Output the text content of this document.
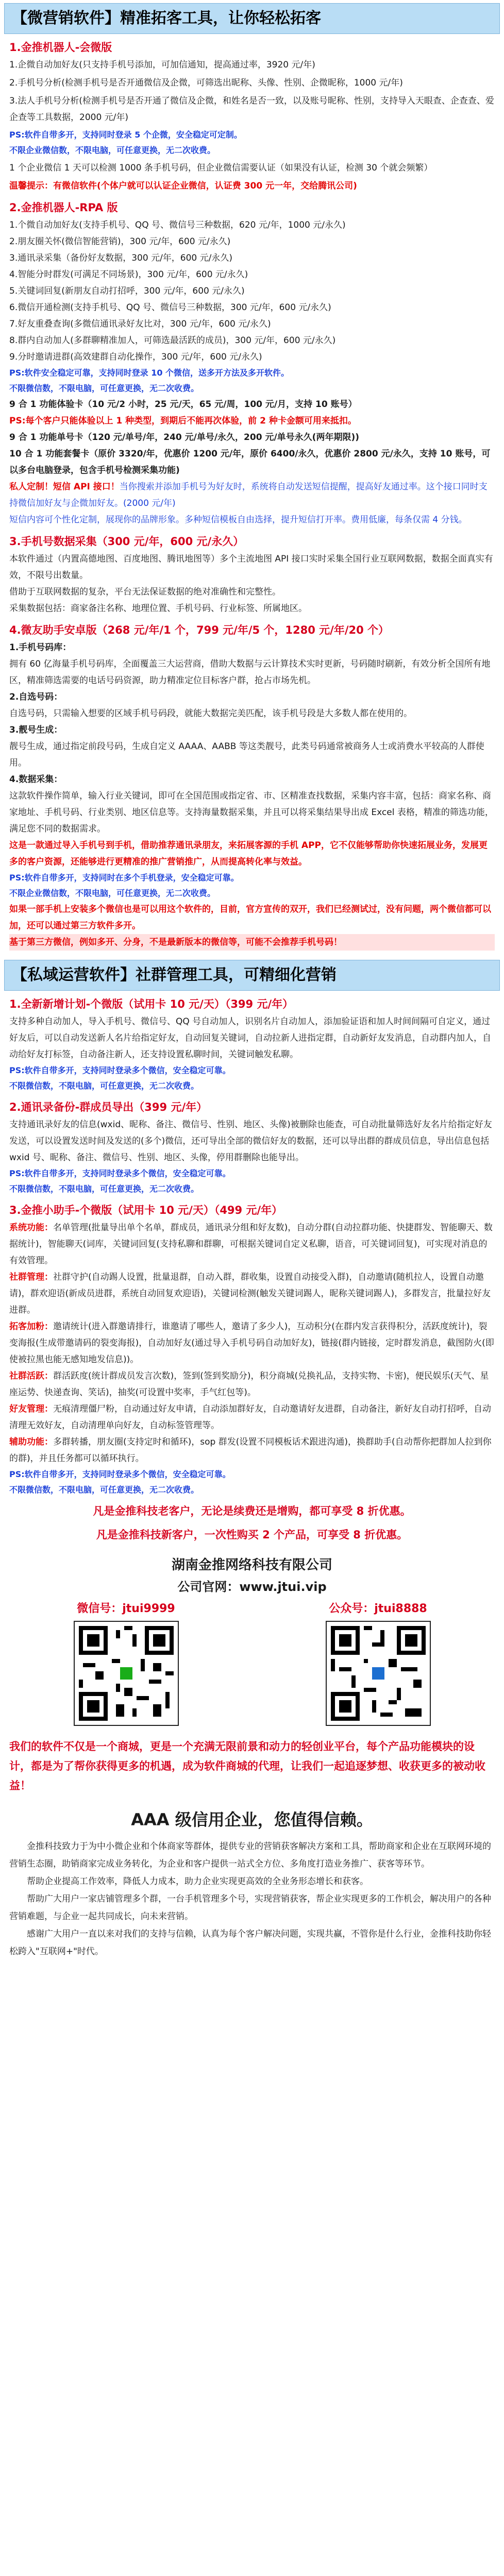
【微营销软件】精准拓客工具，让你轻松拓客

1.金推机器人-会微版

1.企微自动加好友(只支持手机号添加，可加信通知，提高通过率，3920 元/年)

2.手机号分析(检测手机号是否开通微信及企微，可筛选出昵称、头像、性别、企微昵称，1000 元/年)

3.法人手机号分析(检测手机号是否开通了微信及企微，和姓名是否一致，以及账号昵称、性别，支持导入天眼查、企查查、爱企查等工具数据，2000 元/年)

PS:软件自带多开，支持同时登录 5 个企微，安全稳定可定制。

不限企业微信数，不限电脑，可任意更换，无二次收费。

1 个企业微信 1 天可以检测 1000 条手机号码，但企业微信需要认证（如果没有认证，检测 30 个就会频繁）

温馨提示：有微信软件(个体户就可以认证企业微信，认证费 300 元一年，交给腾讯公司)

2.金推机器人-RPA 版

1.个微自动加好友(支持手机号、QQ 号、微信号三种数据，620 元/年，1000 元/永久)

2.朋友圈关怀(微信智能营销)，300 元/年，600 元/永久)

3.通讯录采集（备份好友数据，300 元/年，600 元/永久)

4.智能分时群发(可满足不同场景)，300 元/年，600 元/永久)

5.关键词回复(新朋友自动打招呼，300 元/年，600 元/永久)

6.微信开通检测(支持手机号、QQ 号、微信号三种数据，300 元/年，600 元/永久)

7.好友重叠查询(多微信通讯录好友比对，300 元/年，600 元/永久)

8.群内自动加人(多群聊精准加人，可筛选最活跃的成员)，300 元/年，600 元/永久)

9.分时邀请进群(高效建群自动化操作，300 元/年，600 元/永久)

PS:软件安全稳定可靠，支持同时登录 10 个微信，送多开方法及多开软件。

不限微信数，不限电脑，可任意更换，无二次收费。

9 合 1 功能体验卡（10 元/2 小时，25 元/天，65 元/周，100 元/月，支持 10 账号）

PS:每个客户只能体验以上 1 种类型，到期后不能再次体验，前 2 种卡金额可用来抵扣。

9 合 1 功能单号卡（120 元/单号/年，240 元/单号/永久，200 元/单号永久(两年期限))

10 合 1 功能套餐卡（原价 3320/年，优惠价 1200 元/年，原价 6400/永久，优惠价 2800 元/永久，支持 10 账号，可以多台电脑登录，包含手机号检测采集功能)

私人定制！短信 API 接口！当你搜索并添加手机号为好友时，系统将自动发送短信提醒，提高好友通过率。这个接口同时支持微信加好友与企微加好友。(2000 元/年)

短信内容可个性化定制，展现你的品牌形象。多种短信模板自由选择，提升短信打开率。费用低廉，每条仅需 4 分钱。

3.手机号数据采集（300 元/年，600 元/永久）

本软件通过（内置高德地图、百度地图、腾讯地图等）多个主流地图 API 接口实时采集全国行业互联网数据，数据全面真实有效，不限号出数量。

借助于互联网数据的复杂，平台无法保证数据的绝对准确性和完整性。

采集数据包括：商家备注名称、地理位置、手机号码、行业标签、所属地区。

4.微友助手安卓版（268 元/年/1 个，799 元/年/5 个，1280 元/年/20 个）

1.手机号码库：

拥有 60 亿海量手机号码库，全面覆盖三大运营商，借助大数据与云计算技术实时更新，号码随时刷新，有效分析全国所有地区，精准筛选需要的电话号码资源，助力精准定位目标客户群，抢占市场先机。

2.自选号码：

自选号码，只需输入想要的区域手机号码段，就能大数据完美匹配，该手机号段是大多数人都在使用的。

3.靓号生成：

靓号生成，通过指定前段号码，生成自定义 AAAA、AABB 等这类靓号，此类号码通常被商务人士或消费水平较高的人群使用。

4.数据采集：

这款软件操作简单，输入行业关键词，即可在全国范围或指定省、市、区精准查找数据，采集内容丰富，包括：商家名称、商家地址、手机号码、行业类别、地区信息等。支持海量数据采集，并且可以将采集结果导出成 Excel 表格，精准的筛选功能，满足您不同的数据需求。

这是一款通过导入手机号到手机，借助推荐通讯录朋友，来拓展客源的手机 APP，它不仅能够帮助你快速拓展业务，发展更多的客户资源，还能够进行更精准的推广营销推广，从而提高转化率与效益。

PS:软件自带多开，支持同时在多个手机登录，安全稳定可靠。

不限企业微信数，不限电脑，可任意更换，无二次收费。

如果一部手机上安装多个微信也是可以用这个软件的，目前，官方宣传的双开，我们已经测试过，没有问题，两个微信都可以加，还可以通过第三方软件多开。

基于第三方微信，例如多开、分身，不是最新版本的微信等，可能不会推荐手机号码！

【私域运营软件】社群管理工具，可精细化营销

1.全新新增计划-个微版（试用卡 10 元/天）（399 元/年）

支持多种自动加人，导入手机号、微信号、QQ 号自动加人，识别名片自动加人，添加验证语和加人时间间隔可自定义，通过好友后，可以自动发送新人名片给指定好友，自动回复关键词，自动拉新人进指定群，自动新好友发消息，自动群内加人，自动给好友打标签，自动备注新人，还支持设置私聊时间，关键词触发私聊。

PS:软件自带多开，支持同时登录多个微信，安全稳定可靠。

不限微信数，不限电脑，可任意更换，无二次收费。

2.通讯录备份-群成员导出（399 元/年）

支持通讯录好友的信息(wxid、昵称、备注、微信号、性别、地区、头像)被删除也能查，可自动批量筛选好友名片给指定好友发送，可以设置发送时间及发送的(多个)微信，还可导出全部的微信好友的数据，还可以导出群的群成员信息，导出信息包括 wxid 号、昵称、备注、微信号、性别、地区、头像，停用群删除也能导出。

PS:软件自带多开，支持同时登录多个微信，安全稳定可靠。

不限微信数，不限电脑，可任意更换，无二次收费。

3.金推小助手-个微版（试用卡 10 元/天）（499 元/年）

系统功能：名单管理(批量导出单个名单，群成员，通讯录分组和好友数)，自动分群(自动拉群功能、快捷群发、智能聊天、数据统计)，智能聊天(词库，关键词回复(支持私聊和群聊，可根据关键词自定义私聊，语音，可关键词回复)，可实现对消息的有效管理。

社群管理：社群守护(自动踢人设置，批量退群，自动入群，群收集，设置自动接受入群)，自动邀请(随机拉人，设置自动邀请)，群欢迎语(新成员进群，系统自动回复欢迎语)，关键词检测(触发关键词踢人，昵称关键词踢人)，多群发言，批量拉好友进群。

拓客加粉：邀请统计(进入群邀请排行，谁邀请了哪些人，邀请了多少人)，互动积分(在群内发言获得积分，活跃度统计)，裂变海报(生成带邀请码的裂变海报)，自动加好友(通过导入手机号码自动加好友)，链接(群内链接，定时群发消息，截图防火(即使被拉黑也能无感知地发信息))。

社群活跃：群活跃度(统计群成员发言次数)，签到(签到奖励分)，积分商城(兑换礼品，支持实物、卡密)，便民娱乐(天气、星座运势、快递查询、笑话)，抽奖(可设置中奖率，手气红包等)。

好友管理：无痕清理僵尸粉，自动通过好友申请，自动添加群好友，自动邀请好友进群，自动备注，新好友自动打招呼，自动清理无效好友，自动清理单向好友，自动标签管理等。

辅助功能：多群转播，朋友圈(支持定时和循环)，sop 群发(设置不同模板话术跟进沟通)，换群助手(自动帮你把群加人拉到你的群)，并且任务都可以循环执行。

PS:软件自带多开，支持同时登录多个微信，安全稳定可靠。

不限微信数，不限电脑，可任意更换，无二次收费。

凡是金推科技老客户，无论是续费还是增购，都可享受 8 折优惠。

凡是金推科技新客户，一次性购买 2 个产品，可享受 8 折优惠。

湖南金推网络科技有限公司
公司官网：www.jtui.vip
微信号：jtui9999	公众号：jtui8888

我们的软件不仅是一个商城，更是一个充满无限前景和动力的轻创业平台，每个产品功能模块的设计，都是为了帮你获得更多的机遇，成为软件商城的代理，让我们一起追逐梦想、收获更多的被动收益！

AAA 级信用企业，您值得信赖。

金推科技致力于为中小微企业和个体商家等群体，提供专业的营销获客解决方案和工具，帮助商家和企业在互联网环境的营销生态圈，助销商家完成业务转化，为企业和客户提供一站式全方位、多角度打造业务推广、获客等环节。

帮助企业提高工作效率，降低人力成本，助力企业实现更高效的全业务形态增长和获客。

帮助广大用户一家店铺管理多个群，一台手机管理多个号，实现营销获客，帮企业实现更多的工作机会，解决用户的各种营销难题，与企业一起共同成长，向未来营销。

感谢广大用户一直以来对我们的支持与信赖，认真为每个客户解决问题，实现共赢，不管你是什么行业，金推科技助你轻松跨入"互联网+"时代。
